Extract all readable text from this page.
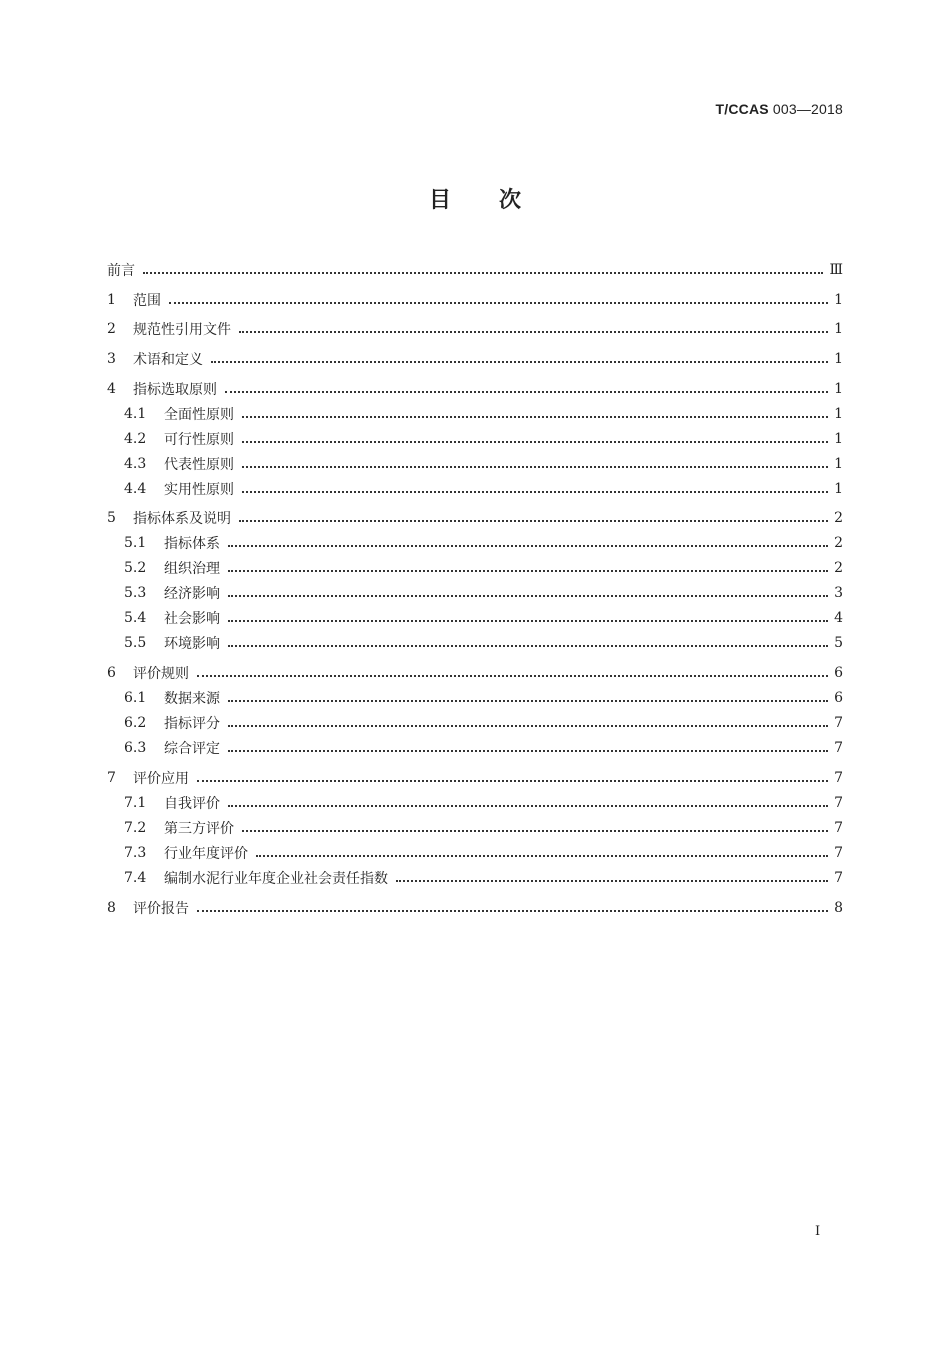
T/CCAS 003—2018
目 次
前言	Ⅲ
1	范围	1
2	规范性引用文件	1
3	术语和定义	1
4	指标选取原则	1
4.1	全面性原则	1
4.2	可行性原则	1
4.3	代表性原则	1
4.4	实用性原则	1
5	指标体系及说明	2
5.1	指标体系	2
5.2	组织治理	2
5.3	经济影响	3
5.4	社会影响	4
5.5	环境影响	5
6	评价规则	6
6.1	数据来源	6
6.2	指标评分	7
6.3	综合评定	7
7	评价应用	7
7.1	自我评价	7
7.2	第三方评价	7
7.3	行业年度评价	7
7.4	编制水泥行业年度企业社会责任指数	7
8	评价报告	8
I
